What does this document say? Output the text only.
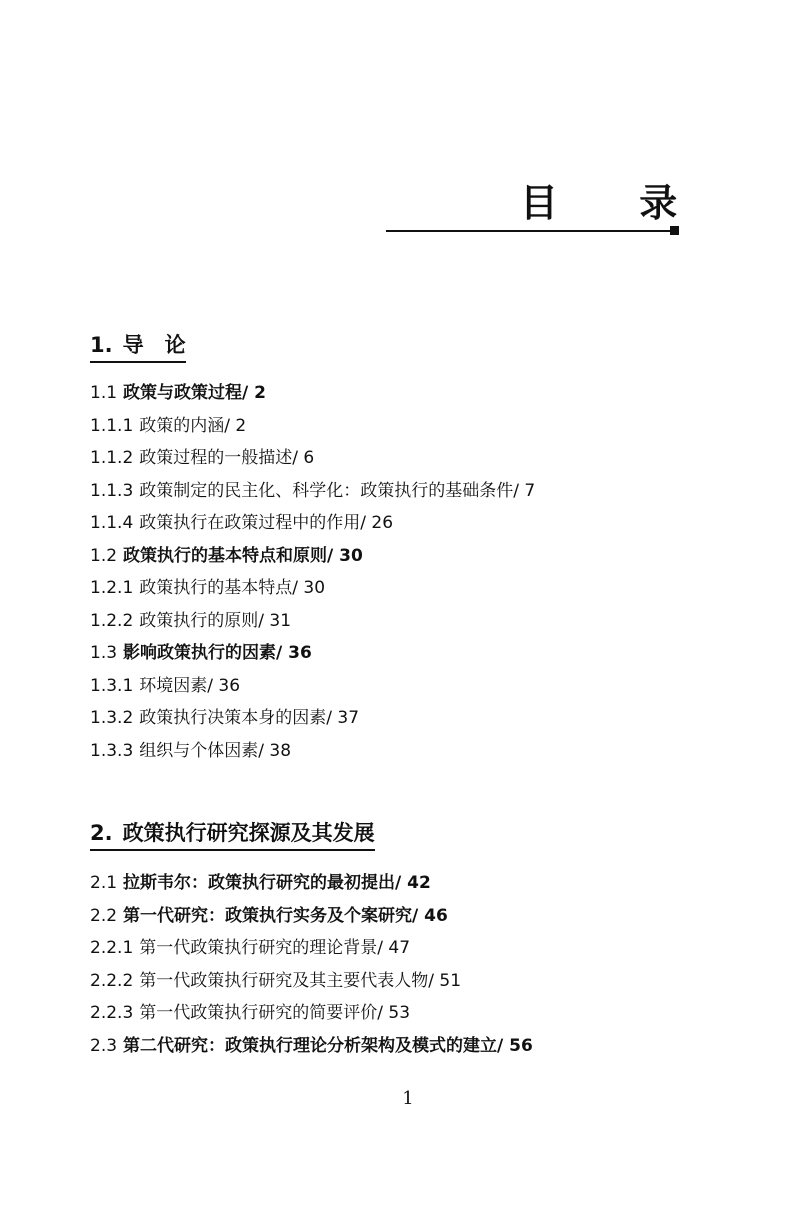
目 录
1. 导　论
1.1 政策与政策过程∕ 2
1.1.1 政策的内涵∕ 2
1.1.2 政策过程的一般描述∕ 6
1.1.3 政策制定的民主化、科学化：政策执行的基础条件∕ 7
1.1.4 政策执行在政策过程中的作用∕ 26
1.2 政策执行的基本特点和原则∕ 30
1.2.1 政策执行的基本特点∕ 30
1.2.2 政策执行的原则∕ 31
1.3 影响政策执行的因素∕ 36
1.3.1 环境因素∕ 36
1.3.2 政策执行决策本身的因素∕ 37
1.3.3 组织与个体因素∕ 38
2. 政策执行研究探源及其发展
2.1 拉斯韦尔：政策执行研究的最初提出∕ 42
2.2 第一代研究：政策执行实务及个案研究∕ 46
2.2.1 第一代政策执行研究的理论背景∕ 47
2.2.2 第一代政策执行研究及其主要代表人物∕ 51
2.2.3 第一代政策执行研究的简要评价∕ 53
2.3 第二代研究：政策执行理论分析架构及模式的建立∕ 56
1
